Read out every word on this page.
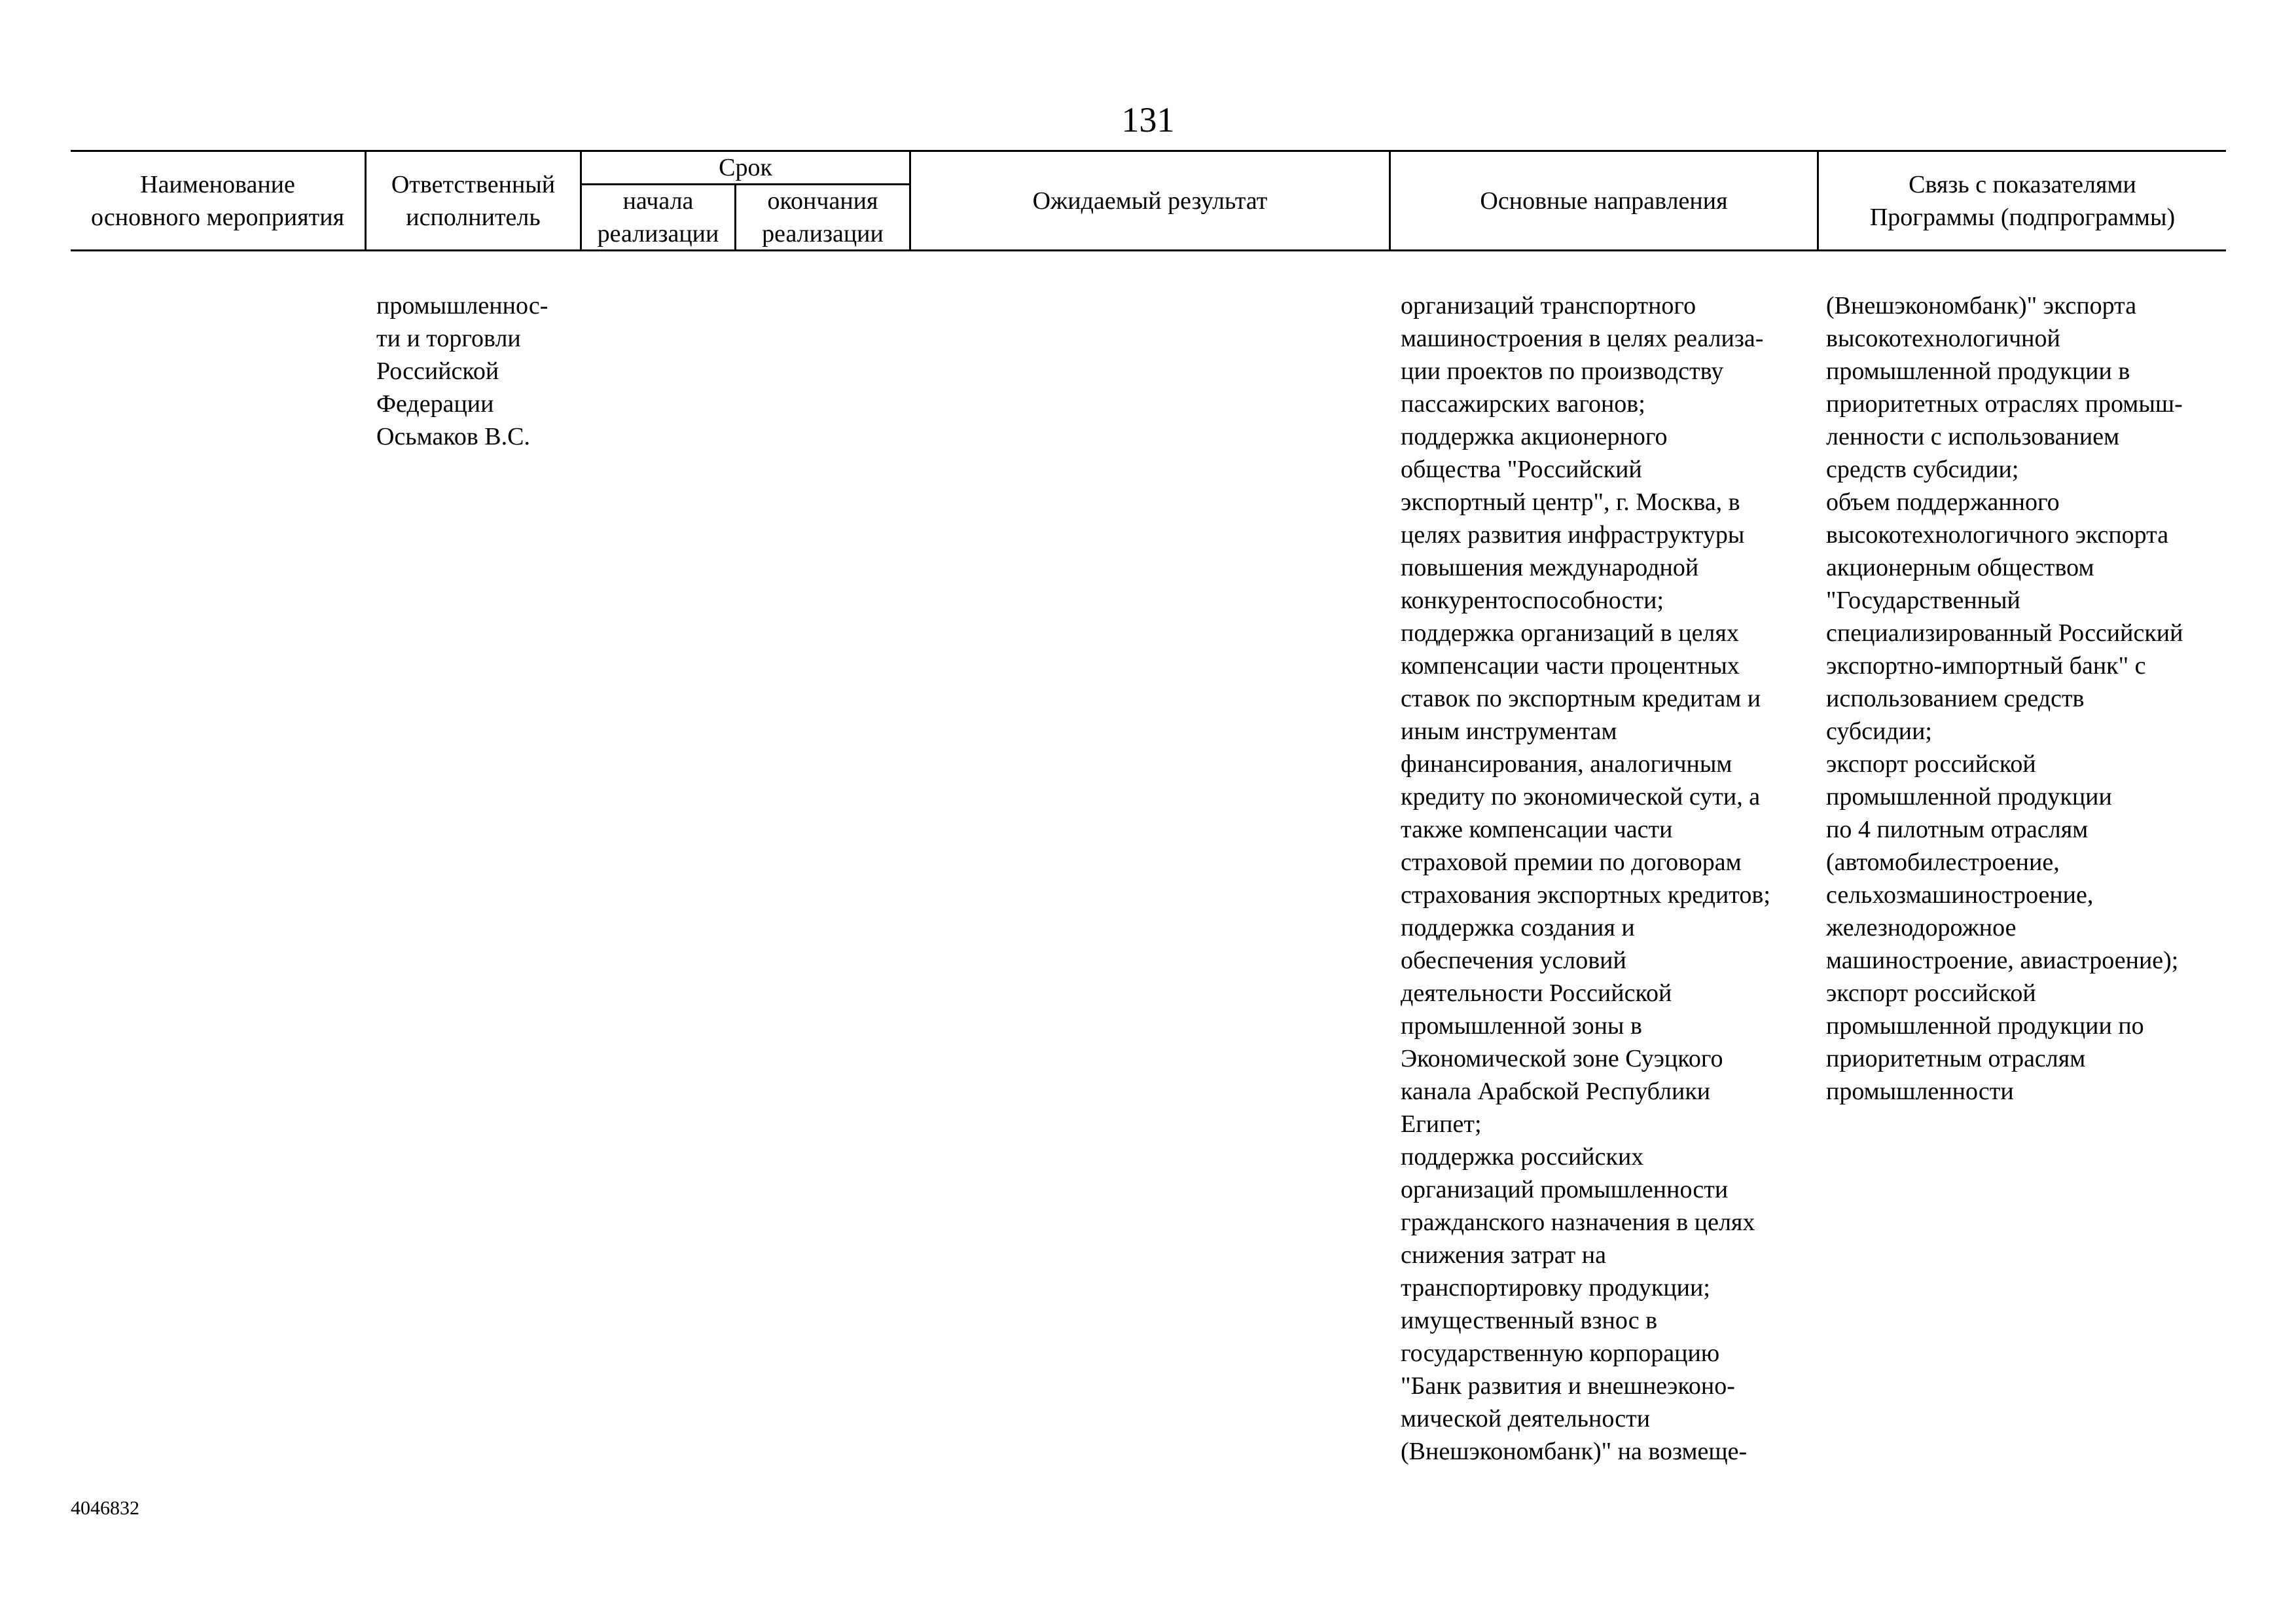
131
Наименование
основного мероприятия
Ответственный
исполнитель
Срок
начала
реализации
окончания
реализации
Ожидаемый результат	Основные направления
Связь с показателями
Программы (подпрограммы)
промышленнос-
ти и торговли
Российской
Федерации
Осьмаков В.С.
организаций транспортного
машиностроения в целях реализа-
ции проектов по производству
пассажирских вагонов;
поддержка акционерного
общества "Российский
экспортный центр", г. Москва, в
целях развития инфраструктуры
повышения международной
конкурентоспособности;
поддержка организаций в целях
компенсации части процентных
ставок по экспортным кредитам и
иным инструментам
финансирования, аналогичным
кредиту по экономической сути, а
также компенсации части
страховой премии по договорам
страхования экспортных кредитов;
поддержка создания и
обеспечения условий
деятельности Российской
промышленной зоны в
Экономической зоне Суэцкого
канала Арабской Республики
Египет;
поддержка российских
организаций промышленности
гражданского назначения в целях
снижения затрат на
транспортировку продукции;
имущественный взнос в
государственную корпорацию
"Банк развития и внешнеэконо-
мической деятельности
(Внешэкономбанк)" на возмеще-
(Внешэкономбанк)" экспорта
высокотехнологичной
промышленной продукции в
приоритетных отраслях промыш-
ленности с использованием
средств субсидии;
объем поддержанного
высокотехнологичного экспорта
акционерным обществом
"Государственный
специализированный Российский
экспортно-импортный банк" с
использованием средств
субсидии;
экспорт российской
промышленной продукции
по 4 пилотным отраслям
(автомобилестроение,
сельхозмашиностроение,
железнодорожное
машиностроение, авиастроение);
экспорт российской
промышленной продукции по
приоритетным отраслям
промышленности
4046832
